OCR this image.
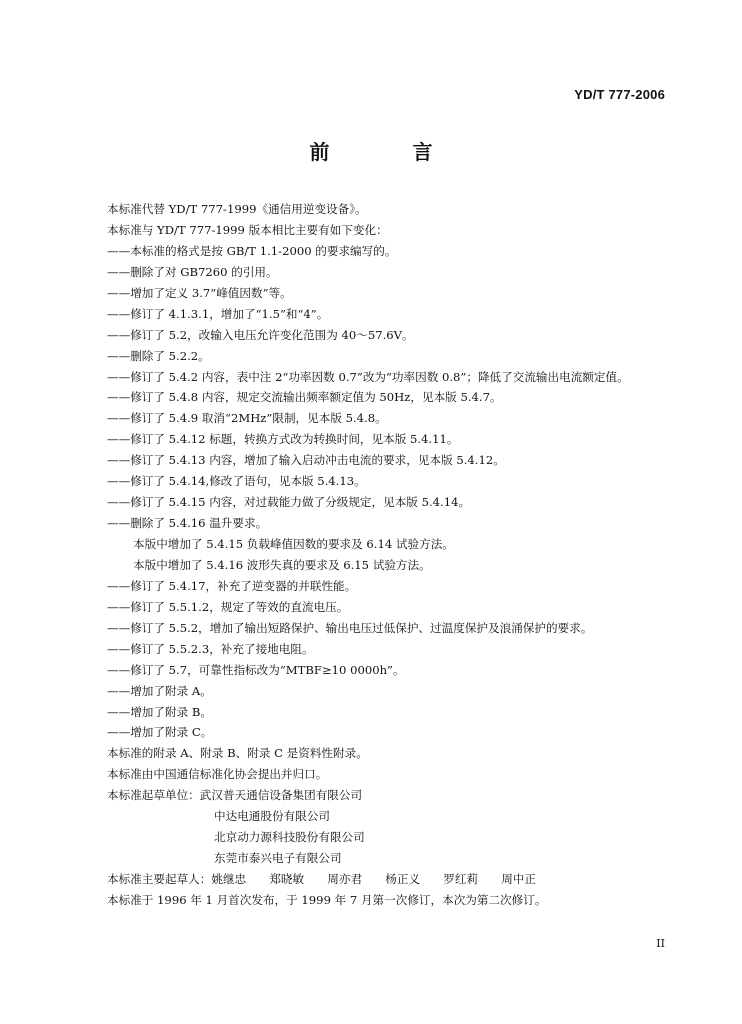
YD/T 777-2006
前 言
本标准代替 YD/T 777-1999《通信用逆变设备》。
本标准与 YD/T 777-1999 版本相比主要有如下变化：
——本标准的格式是按 GB/T 1.1-2000 的要求编写的。
——删除了对 GB7260 的引用。
——增加了定义 3.7“峰值因数”等。
——修订了 4.1.3.1，增加了“1.5”和“4”。
——修订了 5.2，改输入电压允许变化范围为 40～57.6V。
——删除了 5.2.2。
——修订了 5.4.2 内容，表中注 2“功率因数 0.7”改为“功率因数 0.8”；降低了交流输出电流额定值。
——修订了 5.4.8 内容，规定交流输出频率额定值为 50Hz，见本版 5.4.7。
——修订了 5.4.9 取消“2MHz”限制，见本版 5.4.8。
——修订了 5.4.12 标题，转换方式改为转换时间，见本版 5.4.11。
——修订了 5.4.13 内容，增加了输入启动冲击电流的要求，见本版 5.4.12。
——修订了 5.4.14,修改了语句，见本版 5.4.13。
——修订了 5.4.15 内容，对过载能力做了分级规定，见本版 5.4.14。
——删除了 5.4.16 温升要求。
本版中增加了 5.4.15 负载峰值因数的要求及 6.14 试验方法。
本版中增加了 5.4.16 波形失真的要求及 6.15 试验方法。
——修订了 5.4.17，补充了逆变器的并联性能。
——修订了 5.5.1.2，规定了等效的直流电压。
——修订了 5.5.2，增加了输出短路保护、输出电压过低保护、过温度保护及浪涌保护的要求。
——修订了 5.5.2.3，补充了接地电阻。
——修订了 5.7，可靠性指标改为“MTBF≥10 0000h”。
——增加了附录 A。
——增加了附录 B。
——增加了附录 C。
本标准的附录 A、附录 B、附录 C 是资料性附录。
本标准由中国通信标准化协会提出并归口。
本标准起草单位：武汉普天通信设备集团有限公司
中达电通股份有限公司
北京动力源科技股份有限公司
东莞市泰兴电子有限公司
本标准主要起草人：姚继忠　　郑晓敏　　周亦君　　杨正义　　罗红莉　　周中正
本标准于 1996 年 1 月首次发布，于 1999 年 7 月第一次修订，本次为第二次修订。
II
